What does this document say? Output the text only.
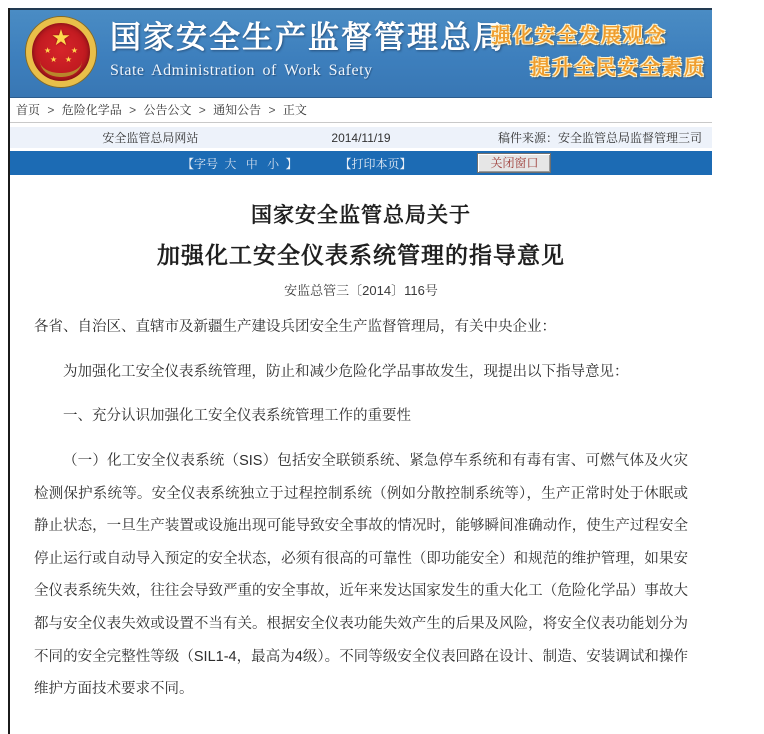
★
★ ★
★ ★
国家安全生产监督管理总局
State Administration of Work Safety
强化安全发展观念
提升全民安全素质
首页 > 危险化学品 > 公告公文 > 通知公告 > 正文
安全监管总局网站	2014/11/19	稿件来源：安全监管总局监督管理三司
【字号 大 中 小 】	【打印本页】	关闭窗口
国家安全监管总局关于
加强化工安全仪表系统管理的指导意见
安监总管三〔2014〕116号

各省、自治区、直辖市及新疆生产建设兵团安全生产监督管理局，有关中央企业：

为加强化工安全仪表系统管理，防止和减少危险化学品事故发生，现提出以下指导意见：

一、充分认识加强化工安全仪表系统管理工作的重要性

（一）化工安全仪表系统（SIS）包括安全联锁系统、紧急停车系统和有毒有害、可燃气体及火灾检测保护系统等。安全仪表系统独立于过程控制系统（例如分散控制系统等），生产正常时处于休眠或静止状态，一旦生产装置或设施出现可能导致安全事故的情况时，能够瞬间准确动作，使生产过程安全停止运行或自动导入预定的安全状态，必须有很高的可靠性（即功能安全）和规范的维护管理，如果安全仪表系统失效，往往会导致严重的安全事故，近年来发达国家发生的重大化工（危险化学品）事故大都与安全仪表失效或设置不当有关。根据安全仪表功能失效产生的后果及风险，将安全仪表功能划分为不同的安全完整性等级（SIL1-4，最高为4级）。不同等级安全仪表回路在设计、制造、安装调试和操作维护方面技术要求不同。
